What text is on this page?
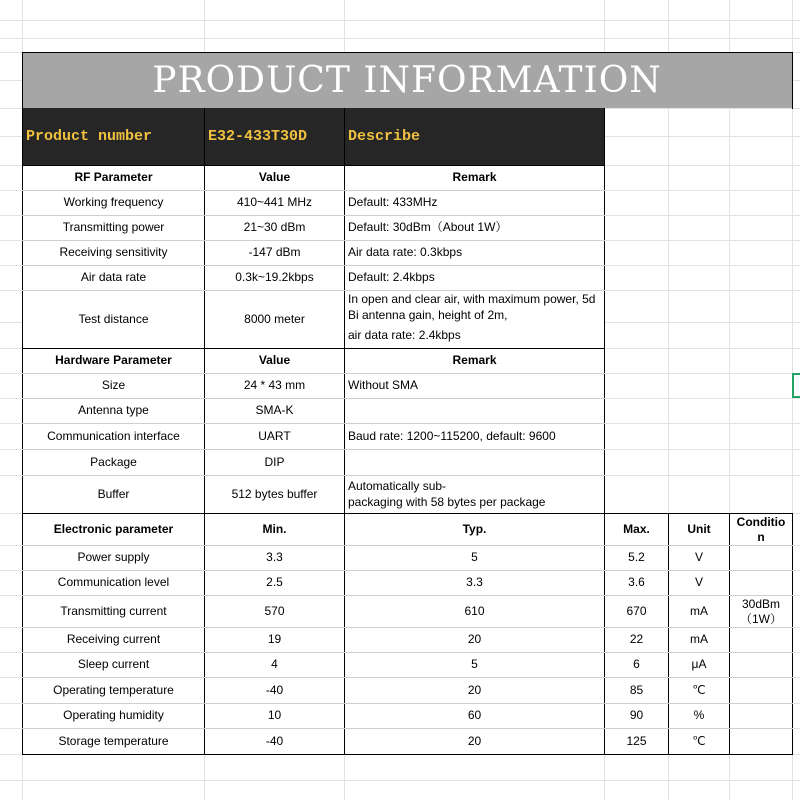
PRODUCT INFORMATION
Product number	E32-433T30D	Describe
RF Parameter	Value	Remark
Working frequency	410~441 MHz	Default: 433MHz
Transmitting power	21~30 dBm	Default: 30dBm（About 1W）
Receiving sensitivity	-147 dBm	Air data rate: 0.3kbps
Air data rate	0.3k~19.2kbps	Default: 2.4kbps
Test distance	8000 meter
In open and clear air, with maximum power, 5d
Bi antenna gain, height of 2m,
air data rate: 2.4kbps
Hardware Parameter	Value	Remark
Size	24 * 43 mm	Without SMA
Antenna type	SMA-K
Communication interface	UART	Baud rate: 1200~115200, default: 9600
Package	DIP
Buffer	512 bytes buffer
Automatically sub-
packaging with 58 bytes per package
Electronic parameter	Min.	Typ.	Max.	Unit	Conditio
n
Power supply	3.3	5	5.2	V
Communication level	2.5	3.3	3.6	V
Transmitting current	570	610	670	mA	30dBm
（1W）
Receiving current	19	20	22	mA
Sleep current	4	5	6	μA
Operating temperature	-40	20	85	℃
Operating humidity	10	60	90	%
Storage temperature	-40	20	125	℃
